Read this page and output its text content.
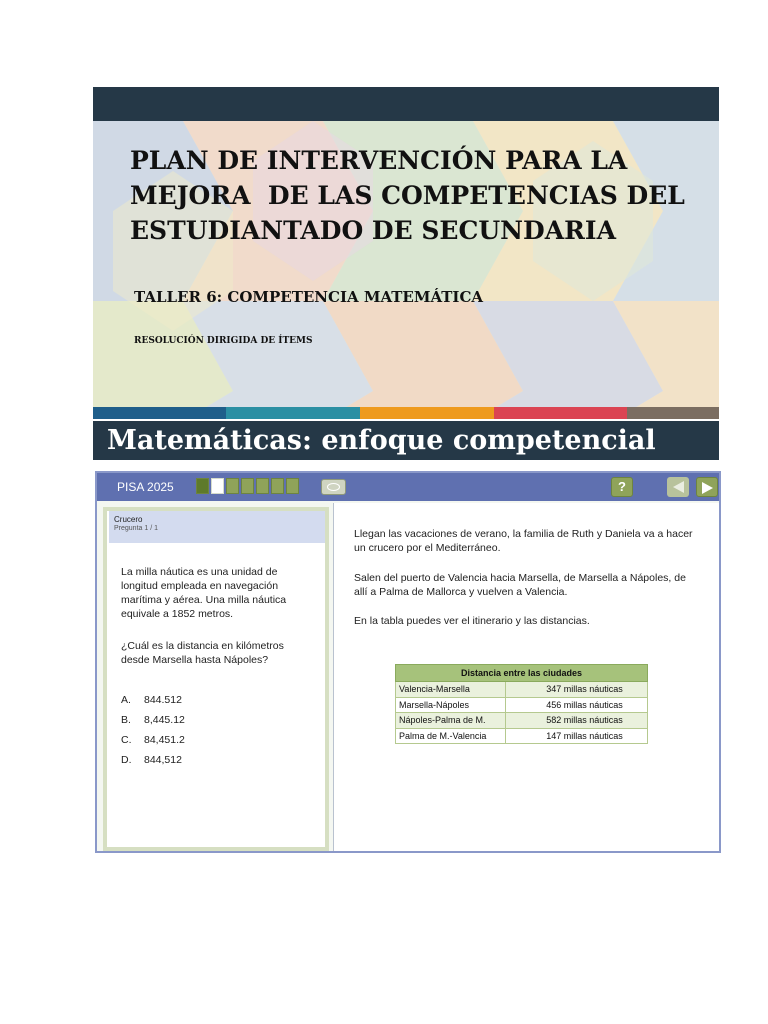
PLAN DE INTERVENCIÓN PARA LA
MEJORA  DE LAS COMPETENCIAS DEL
ESTUDIANTADO DE SECUNDARIA
TALLER 6: COMPETENCIA MATEMÁTICA
RESOLUCIÓN DIRIGIDA DE ÍTEMS
Matemáticas: enfoque competencial
PISA 2025	?
Crucero
Pregunta 1 / 1
La milla náutica es una unidad de longitud empleada en navegación marítima y aérea. Una milla náutica equivale a 1852 metros.
¿Cuál es la distancia en kilómetros desde Marsella hasta Nápoles?
A.	844.512
B.	8,445.12
C.	84,451.2
D.	844,512
Llegan las vacaciones de verano, la familia de Ruth y Daniela va a hacer un crucero por el Mediterráneo.
Salen del puerto de Valencia hacia Marsella, de Marsella a Nápoles, de allí a Palma de Mallorca y vuelven a Valencia.
En la tabla puedes ver el itinerario y las distancias.
Distancia entre las ciudades	
Valencia-Marsella	347 millas náuticas
Marsella-Nápoles	456 millas náuticas
Nápoles-Palma de M.	582 millas náuticas
Palma de M.-Valencia	147 millas náuticas
